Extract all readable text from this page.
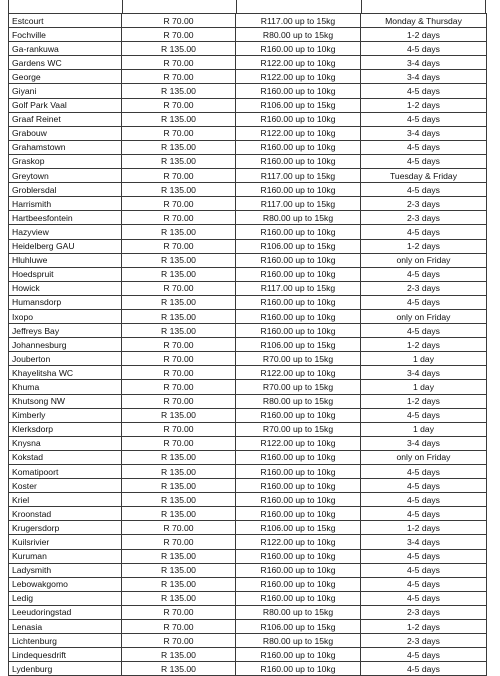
Estcourt	R 70.00	R117.00 up to 15kg	Monday & Thursday
Fochville	R 70.00	R80.00 up to 15kg	1-2 days
Ga-rankuwa	R 135.00	R160.00 up to 10kg	4-5 days
Gardens WC	R 70.00	R122.00 up to 10kg	3-4 days
George	R 70.00	R122.00 up to 10kg	3-4 days
Giyani	R 135.00	R160.00 up to 10kg	4-5 days
Golf Park Vaal	R 70.00	R106.00 up to 15kg	1-2 days
Graaf Reinet	R 135.00	R160.00 up to 10kg	4-5 days
Grabouw	R 70.00	R122.00 up to 10kg	3-4 days
Grahamstown	R 135.00	R160.00 up to 10kg	4-5 days
Graskop	R 135.00	R160.00 up to 10kg	4-5 days
Greytown	R 70.00	R117.00 up to 15kg	Tuesday & Friday
Groblersdal	R 135.00	R160.00 up to 10kg	4-5 days
Harrismith	R 70.00	R117.00 up to 15kg	2-3 days
Hartbeesfontein	R 70.00	R80.00 up to 15kg	2-3 days
Hazyview	R 135.00	R160.00 up to 10kg	4-5 days
Heidelberg GAU	R 70.00	R106.00 up to 15kg	1-2 days
Hluhluwe	R 135.00	R160.00 up to 10kg	only on Friday
Hoedspruit	R 135.00	R160.00 up to 10kg	4-5 days
Howick	R 70.00	R117.00 up to 15kg	2-3 days
Humansdorp	R 135.00	R160.00 up to 10kg	4-5 days
Ixopo	R 135.00	R160.00 up to 10kg	only on Friday
Jeffreys Bay	R 135.00	R160.00 up to 10kg	4-5 days
Johannesburg	R 70.00	R106.00 up to 15kg	1-2 days
Jouberton	R 70.00	R70.00 up to 15kg	1 day
Khayelitsha WC	R 70.00	R122.00 up to 10kg	3-4 days
Khuma	R 70.00	R70.00 up to 15kg	1 day
Khutsong NW	R 70.00	R80.00 up to 15kg	1-2 days
Kimberly	R 135.00	R160.00 up to 10kg	4-5 days
Klerksdorp	R 70.00	R70.00 up to 15kg	1 day
Knysna	R 70.00	R122.00 up to 10kg	3-4 days
Kokstad	R 135.00	R160.00 up to 10kg	only on Friday
Komatipoort	R 135.00	R160.00 up to 10kg	4-5 days
Koster	R 135.00	R160.00 up to 10kg	4-5 days
Kriel	R 135.00	R160.00 up to 10kg	4-5 days
Kroonstad	R 135.00	R160.00 up to 10kg	4-5 days
Krugersdorp	R 70.00	R106.00 up to 15kg	1-2 days
Kuilsrivier	R 70.00	R122.00 up to 10kg	3-4 days
Kuruman	R 135.00	R160.00 up to 10kg	4-5 days
Ladysmith	R 135.00	R160.00 up to 10kg	4-5 days
Lebowakgomo	R 135.00	R160.00 up to 10kg	4-5 days
Ledig	R 135.00	R160.00 up to 10kg	4-5 days
Leeudoringstad	R 70.00	R80.00 up to 15kg	2-3 days
Lenasia	R 70.00	R106.00 up to 15kg	1-2 days
Lichtenburg	R 70.00	R80.00 up to 15kg	2-3 days
Lindequesdrift	R 135.00	R160.00 up to 10kg	4-5 days
Lydenburg	R 135.00	R160.00 up to 10kg	4-5 days
